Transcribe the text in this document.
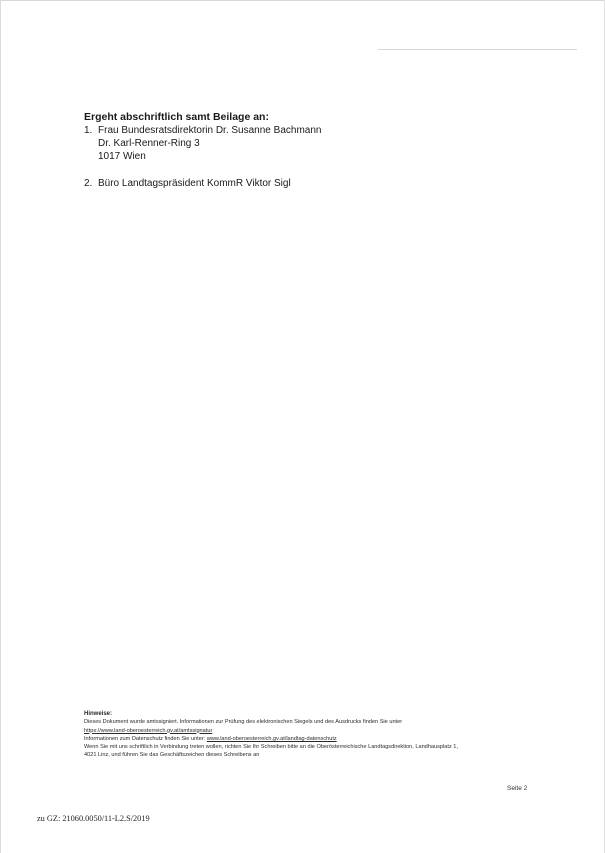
Ergeht abschriftlich samt Beilage an:
1. Frau Bundesratsdirektorin Dr. Susanne Bachmann
Dr. Karl-Renner-Ring 3
1017 Wien
2. Büro Landtagspräsident KommR Viktor Sigl
Hinweise:
Dieses Dokument wurde amtssigniert. Informationen zur Prüfung des elektronischen Siegels und des Ausdrucks finden Sie unter
https://www.land-oberoesterreich.gv.at/amtssignatur
Informationen zum Datenschutz finden Sie unter: www.land-oberoesterreich.gv.at/landtag-datenschutz
Wenn Sie mit uns schriftlich in Verbindung treten wollen, richten Sie Ihr Schreiben bitte an die Oberösterreichische Landtagsdirektion, Landhausplatz 1,
4021 Linz, und führen Sie das Geschäftszeichen dieses Schreibens an
Seite 2
zu GZ: 21060.0050/11-L2.S/2019
